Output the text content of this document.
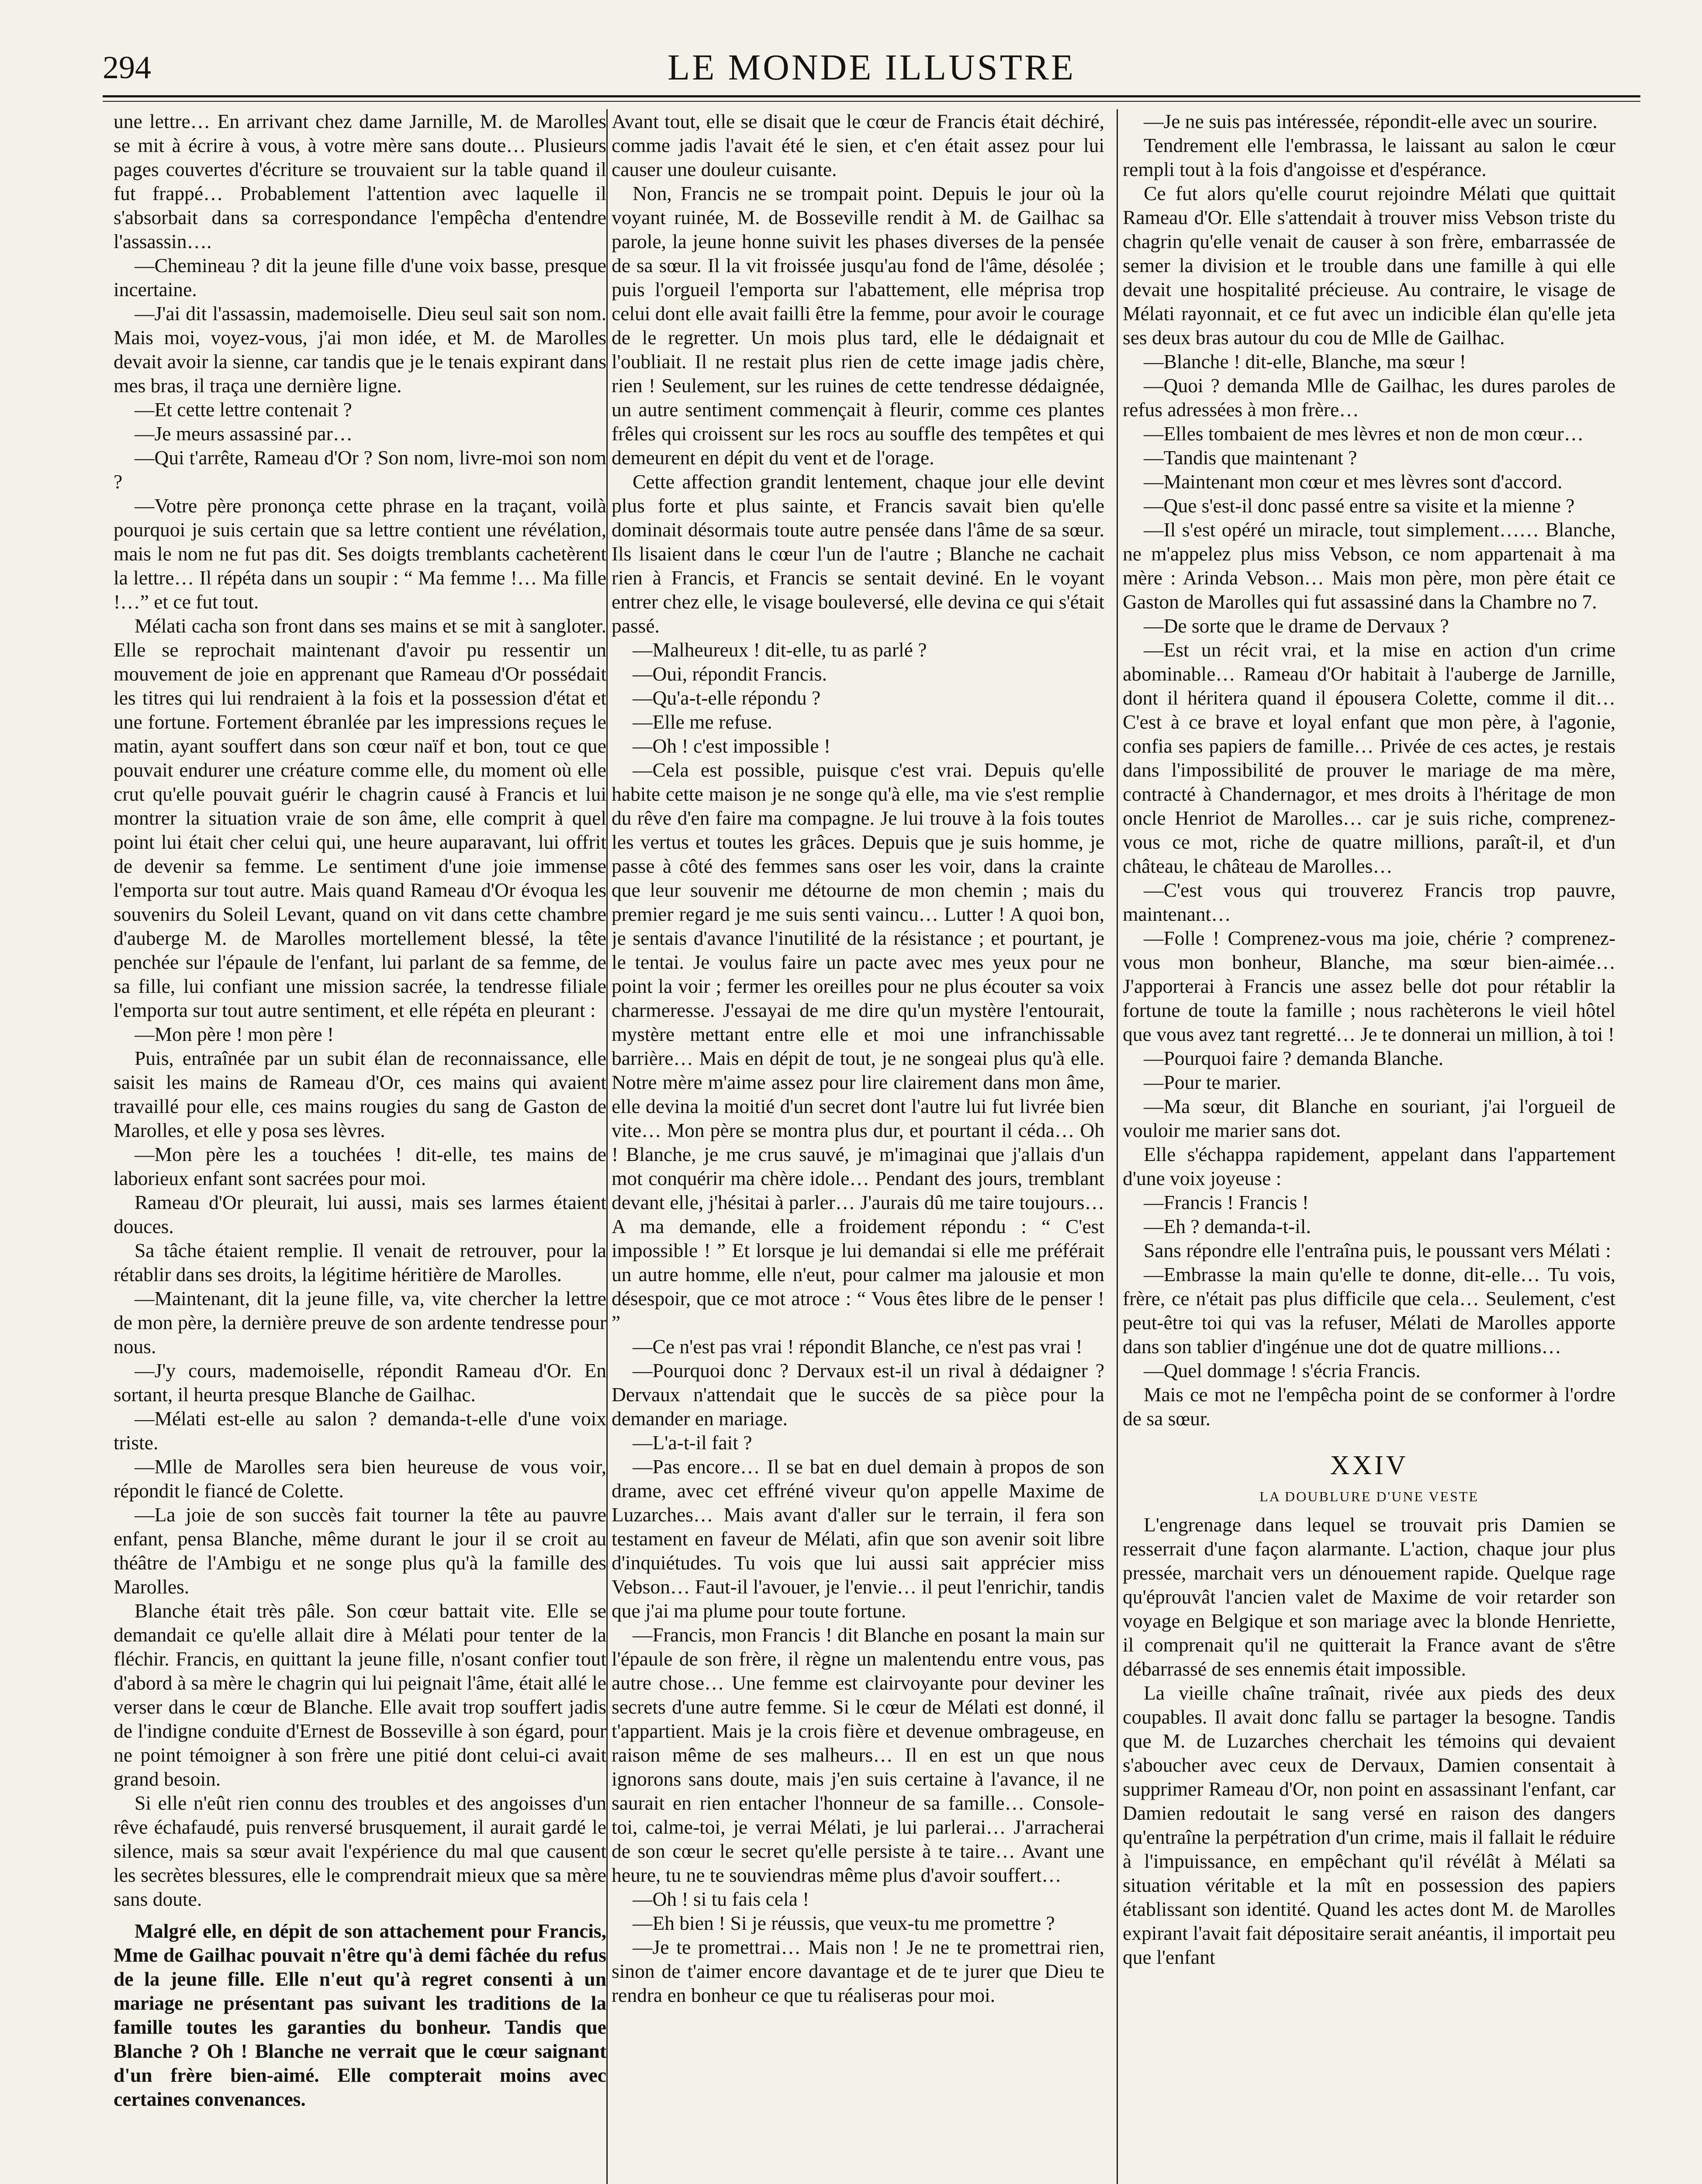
294	LE MONDE ILLUSTRE

une lettre… En arrivant chez dame Jarnille, M. de Marolles se mit à écrire à vous, à votre mère sans doute… Plusieurs pages couvertes d'écriture se trouvaient sur la table quand il fut frappé… Probablement l'attention avec laquelle il s'absorbait dans sa correspondance l'empêcha d'entendre l'assassin….

—Chemineau ? dit la jeune fille d'une voix basse, presque incertaine.

—J'ai dit l'assassin, mademoiselle. Dieu seul sait son nom. Mais moi, voyez-vous, j'ai mon idée, et M. de Marolles devait avoir la sienne, car tandis que je le tenais expirant dans mes bras, il traça une dernière ligne.

—Et cette lettre contenait ?

—Je meurs assassiné par…

—Qui t'arrête, Rameau d'Or ? Son nom, livre-moi son nom ?

—Votre père prononça cette phrase en la traçant, voilà pourquoi je suis certain que sa lettre contient une révélation, mais le nom ne fut pas dit. Ses doigts tremblants cachetèrent la lettre… Il répéta dans un soupir : “ Ma femme !… Ma fille !…” et ce fut tout.

Mélati cacha son front dans ses mains et se mit à sangloter. Elle se reprochait maintenant d'avoir pu ressentir un mouvement de joie en apprenant que Rameau d'Or possédait les titres qui lui rendraient à la fois et la possession d'état et une fortune. Fortement ébranlée par les impressions reçues le matin, ayant souffert dans son cœur naïf et bon, tout ce que pouvait endurer une créature comme elle, du moment où elle crut qu'elle pouvait guérir le chagrin causé à Francis et lui montrer la situation vraie de son âme, elle comprit à quel point lui était cher celui qui, une heure auparavant, lui offrit de devenir sa femme. Le sentiment d'une joie immense l'emporta sur tout autre. Mais quand Rameau d'Or évoqua les souvenirs du Soleil Levant, quand on vit dans cette chambre d'auberge M. de Marolles mortellement blessé, la tête penchée sur l'épaule de l'enfant, lui parlant de sa femme, de sa fille, lui confiant une mission sacrée, la tendresse filiale l'emporta sur tout autre sentiment, et elle répéta en pleurant :

—Mon père ! mon père !

Puis, entraînée par un subit élan de reconnaissance, elle saisit les mains de Rameau d'Or, ces mains qui avaient travaillé pour elle, ces mains rougies du sang de Gaston de Marolles, et elle y posa ses lèvres.

—Mon père les a touchées ! dit-elle, tes mains de laborieux enfant sont sacrées pour moi.

Rameau d'Or pleurait, lui aussi, mais ses larmes étaient douces.

Sa tâche étaient remplie. Il venait de retrouver, pour la rétablir dans ses droits, la légitime héritière de Marolles.

—Maintenant, dit la jeune fille, va, vite chercher la lettre de mon père, la dernière preuve de son ardente tendresse pour nous.

—J'y cours, mademoiselle, répondit Rameau d'Or. En sortant, il heurta presque Blanche de Gailhac.

—Mélati est-elle au salon ? demanda-t-elle d'une voix triste.

—Mlle de Marolles sera bien heureuse de vous voir, répondit le fiancé de Colette.

—La joie de son succès fait tourner la tête au pauvre enfant, pensa Blanche, même durant le jour il se croit au théâtre de l'Ambigu et ne songe plus qu'à la famille des Marolles.

Blanche était très pâle. Son cœur battait vite. Elle se demandait ce qu'elle allait dire à Mélati pour tenter de la fléchir. Francis, en quittant la jeune fille, n'osant confier tout d'abord à sa mère le chagrin qui lui peignait l'âme, était allé le verser dans le cœur de Blanche. Elle avait trop souffert jadis de l'indigne conduite d'Ernest de Bosseville à son égard, pour ne point témoigner à son frère une pitié dont celui-ci avait grand besoin.

Si elle n'eût rien connu des troubles et des angoisses d'un rêve échafaudé, puis renversé brusquement, il aurait gardé le silence, mais sa sœur avait l'expérience du mal que causent les secrètes blessures, elle le comprendrait mieux que sa mère sans doute.

Malgré elle, en dépit de son attachement pour Francis, Mme de Gailhac pouvait n'être qu'à demi fâchée du refus de la jeune fille. Elle n'eut qu'à regret consenti à un mariage ne présentant pas suivant les traditions de la famille toutes les garanties du bonheur. Tandis que Blanche ? Oh ! Blanche ne verrait que le cœur saignant d'un frère bien-aimé. Elle compterait moins avec certaines convenances.

Avant tout, elle se disait que le cœur de Francis était déchiré, comme jadis l'avait été le sien, et c'en était assez pour lui causer une douleur cuisante.

Non, Francis ne se trompait point. Depuis le jour où la voyant ruinée, M. de Bosseville rendit à M. de Gailhac sa parole, la jeune honne suivit les phases diverses de la pensée de sa sœur. Il la vit froissée jusqu'au fond de l'âme, désolée ; puis l'orgueil l'emporta sur l'abattement, elle méprisa trop celui dont elle avait failli être la femme, pour avoir le courage de le regretter. Un mois plus tard, elle le dédaignait et l'oubliait. Il ne restait plus rien de cette image jadis chère, rien ! Seulement, sur les ruines de cette tendresse dédaignée, un autre sentiment commençait à fleurir, comme ces plantes frêles qui croissent sur les rocs au souffle des tempêtes et qui demeurent en dépit du vent et de l'orage.

Cette affection grandit lentement, chaque jour elle devint plus forte et plus sainte, et Francis savait bien qu'elle dominait désormais toute autre pensée dans l'âme de sa sœur. Ils lisaient dans le cœur l'un de l'autre ; Blanche ne cachait rien à Francis, et Francis se sentait deviné. En le voyant entrer chez elle, le visage bouleversé, elle devina ce qui s'était passé.

—Malheureux ! dit-elle, tu as parlé ?

—Oui, répondit Francis.

—Qu'a-t-elle répondu ?

—Elle me refuse.

—Oh ! c'est impossible !

—Cela est possible, puisque c'est vrai. Depuis qu'elle habite cette maison je ne songe qu'à elle, ma vie s'est remplie du rêve d'en faire ma compagne. Je lui trouve à la fois toutes les vertus et toutes les grâces. Depuis que je suis homme, je passe à côté des femmes sans oser les voir, dans la crainte que leur souvenir me détourne de mon chemin ; mais du premier regard je me suis senti vaincu… Lutter ! A quoi bon, je sentais d'avance l'inutilité de la résistance ; et pourtant, je le tentai. Je voulus faire un pacte avec mes yeux pour ne point la voir ; fermer les oreilles pour ne plus écouter sa voix charmeresse. J'essayai de me dire qu'un mystère l'entourait, mystère mettant entre elle et moi une infranchissable barrière… Mais en dépit de tout, je ne songeai plus qu'à elle. Notre mère m'aime assez pour lire clairement dans mon âme, elle devina la moitié d'un secret dont l'autre lui fut livrée bien vite… Mon père se montra plus dur, et pourtant il céda… Oh ! Blanche, je me crus sauvé, je m'imaginai que j'allais d'un mot conquérir ma chère idole… Pendant des jours, tremblant devant elle, j'hésitai à parler… J'aurais dû me taire toujours… A ma demande, elle a froidement répondu : “ C'est impossible ! ” Et lorsque je lui demandai si elle me préférait un autre homme, elle n'eut, pour calmer ma jalousie et mon désespoir, que ce mot atroce : “ Vous êtes libre de le penser ! ”

—Ce n'est pas vrai ! répondit Blanche, ce n'est pas vrai !

—Pourquoi donc ? Dervaux est-il un rival à dédaigner ? Dervaux n'attendait que le succès de sa pièce pour la demander en mariage.

—L'a-t-il fait ?

—Pas encore… Il se bat en duel demain à propos de son drame, avec cet effréné viveur qu'on appelle Maxime de Luzarches… Mais avant d'aller sur le terrain, il fera son testament en faveur de Mélati, afin que son avenir soit libre d'inquiétudes. Tu vois que lui aussi sait apprécier miss Vebson… Faut-il l'avouer, je l'envie… il peut l'enrichir, tandis que j'ai ma plume pour toute fortune.

—Francis, mon Francis ! dit Blanche en posant la main sur l'épaule de son frère, il règne un malentendu entre vous, pas autre chose… Une femme est clairvoyante pour deviner les secrets d'une autre femme. Si le cœur de Mélati est donné, il t'appartient. Mais je la crois fière et devenue ombrageuse, en raison même de ses malheurs… Il en est un que nous ignorons sans doute, mais j'en suis certaine à l'avance, il ne saurait en rien entacher l'honneur de sa famille… Console-toi, calme-toi, je verrai Mélati, je lui parlerai… J'arracherai de son cœur le secret qu'elle persiste à te taire… Avant une heure, tu ne te souviendras même plus d'avoir souffert…

—Oh ! si tu fais cela !

—Eh bien ! Si je réussis, que veux-tu me promettre ?

—Je te promettrai… Mais non ! Je ne te promettrai rien, sinon de t'aimer encore davantage et de te jurer que Dieu te rendra en bonheur ce que tu réaliseras pour moi.

—Je ne suis pas intéressée, répondit-elle avec un sourire.

Tendrement elle l'embrassa, le laissant au salon le cœur rempli tout à la fois d'angoisse et d'espérance.

Ce fut alors qu'elle courut rejoindre Mélati que quittait Rameau d'Or. Elle s'attendait à trouver miss Vebson triste du chagrin qu'elle venait de causer à son frère, embarrassée de semer la division et le trouble dans une famille à qui elle devait une hospitalité précieuse. Au contraire, le visage de Mélati rayonnait, et ce fut avec un indicible élan qu'elle jeta ses deux bras autour du cou de Mlle de Gailhac.

—Blanche ! dit-elle, Blanche, ma sœur !

—Quoi ? demanda Mlle de Gailhac, les dures paroles de refus adressées à mon frère…

—Elles tombaient de mes lèvres et non de mon cœur…

—Tandis que maintenant ?

—Maintenant mon cœur et mes lèvres sont d'accord.

—Que s'est-il donc passé entre sa visite et la mienne ?

—Il s'est opéré un miracle, tout simplement…… Blanche, ne m'appelez plus miss Vebson, ce nom appartenait à ma mère : Arinda Vebson… Mais mon père, mon père était ce Gaston de Marolles qui fut assassiné dans la Chambre no 7.

—De sorte que le drame de Dervaux ?

—Est un récit vrai, et la mise en action d'un crime abominable… Rameau d'Or habitait à l'auberge de Jarnille, dont il héritera quand il épousera Colette, comme il dit… C'est à ce brave et loyal enfant que mon père, à l'agonie, confia ses papiers de famille… Privée de ces actes, je restais dans l'impossibilité de prouver le mariage de ma mère, contracté à Chandernagor, et mes droits à l'héritage de mon oncle Henriot de Marolles… car je suis riche, comprenez-vous ce mot, riche de quatre millions, paraît-il, et d'un château, le château de Marolles…

—C'est vous qui trouverez Francis trop pauvre, maintenant…

—Folle ! Comprenez-vous ma joie, chérie ? comprenez-vous mon bonheur, Blanche, ma sœur bien-aimée… J'apporterai à Francis une assez belle dot pour rétablir la fortune de toute la famille ; nous rachèterons le vieil hôtel que vous avez tant regretté… Je te donnerai un million, à toi !

—Pourquoi faire ? demanda Blanche.

—Pour te marier.

—Ma sœur, dit Blanche en souriant, j'ai l'orgueil de vouloir me marier sans dot.

Elle s'échappa rapidement, appelant dans l'appartement d'une voix joyeuse :

—Francis ! Francis !

—Eh ? demanda-t-il.

Sans répondre elle l'entraîna puis, le poussant vers Mélati :

—Embrasse la main qu'elle te donne, dit-elle… Tu vois, frère, ce n'était pas plus difficile que cela… Seulement, c'est peut-être toi qui vas la refuser, Mélati de Marolles apporte dans son tablier d'ingénue une dot de quatre millions…

—Quel dommage ! s'écria Francis.

Mais ce mot ne l'empêcha point de se conformer à l'ordre de sa sœur.

XXIV
LA DOUBLURE D'UNE VESTE

L'engrenage dans lequel se trouvait pris Damien se resserrait d'une façon alarmante. L'action, chaque jour plus pressée, marchait vers un dénouement rapide. Quelque rage qu'éprouvât l'ancien valet de Maxime de voir retarder son voyage en Belgique et son mariage avec la blonde Henriette, il comprenait qu'il ne quitterait la France avant de s'être débarrassé de ses ennemis était impossible.

La vieille chaîne traînait, rivée aux pieds des deux coupables. Il avait donc fallu se partager la besogne. Tandis que M. de Luzarches cherchait les témoins qui devaient s'aboucher avec ceux de Dervaux, Damien consentait à supprimer Rameau d'Or, non point en assassinant l'enfant, car Damien redoutait le sang versé en raison des dangers qu'entraîne la perpétration d'un crime, mais il fallait le réduire à l'impuissance, en empêchant qu'il révélât à Mélati sa situation véritable et la mît en possession des papiers établissant son identité. Quand les actes dont M. de Marolles expirant l'avait fait dépositaire serait anéantis, il importait peu que l'enfant
